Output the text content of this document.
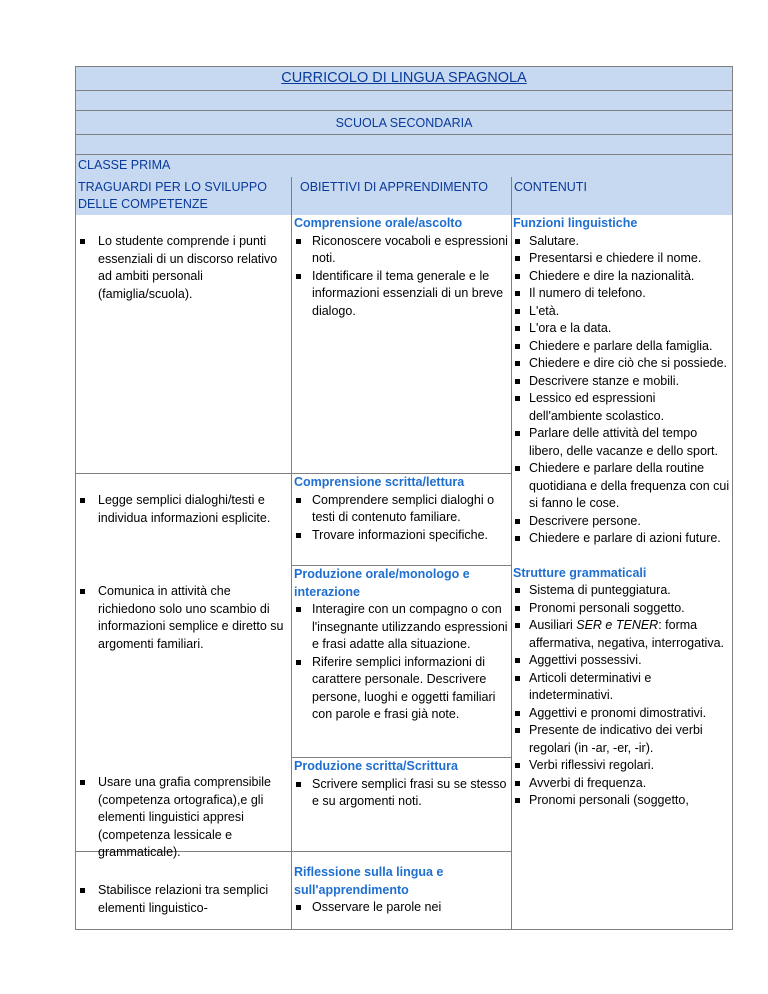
CURRICOLO DI LINGUA SPAGNOLA
SCUOLA SECONDARIA
CLASSE PRIMA
TRAGUARDI PER LO SVILUPPO DELLE COMPETENZE
OBIETTIVI DI APPRENDIMENTO	CONTENUTI
Lo studente comprende i punti essenziali di un discorso relativo ad ambiti personali (famiglia/scuola).
Legge semplici dialoghi/testi e individua informazioni esplicite.
Comunica in attività che richiedono solo uno scambio di informazioni semplice e diretto su argomenti familiari.
Usare una grafia comprensibile (competenza ortografica),e gli elementi linguistici appresi (competenza lessicale e grammaticale).
Stabilisce relazioni tra semplici elementi linguistico-
Comprensione orale/ascolto
Riconoscere vocaboli e espressioni noti.
Identificare il tema generale e le informazioni essenziali di un breve dialogo.
Comprensione scritta/lettura
Comprendere semplici dialoghi o testi di contenuto familiare.
Trovare informazioni specifiche.
Produzione orale/monologo e interazione
Interagire con un compagno o con l'insegnante utilizzando espressioni e frasi adatte alla situazione.
Riferire semplici informazioni di carattere personale. Descrivere persone, luoghi e oggetti familiari con parole e frasi già note.
Produzione scritta/Scrittura
Scrivere semplici frasi su se stesso e su argomenti noti.
Riflessione sulla lingua e sull'apprendimento
Osservare le parole nei
Funzioni linguistiche
Salutare.
Presentarsi e chiedere il nome.
Chiedere e dire la nazionalità.
Il numero di telefono.
L'età.
L'ora e la data.
Chiedere e parlare della famiglia.
Chiedere e dire ciò che si possiede.
Descrivere stanze e mobili.
Lessico ed espressioni dell'ambiente scolastico.
Parlare delle attività del tempo libero, delle vacanze e dello sport.
Chiedere e parlare della routine quotidiana e della frequenza con cui si fanno le cose.
Descrivere persone.
Chiedere e parlare di azioni future.
Strutture grammaticali
Sistema di punteggiatura.
Pronomi personali soggetto.
Ausiliari SER e TENER: forma affermativa, negativa, interrogativa.
Aggettivi possessivi.
Articoli determinativi e indeterminativi.
Aggettivi e pronomi dimostrativi.
Presente de indicativo dei verbi regolari (in -ar, -er, -ir).
Verbi riflessivi regolari.
Avverbi di frequenza.
Pronomi personali (soggetto,
